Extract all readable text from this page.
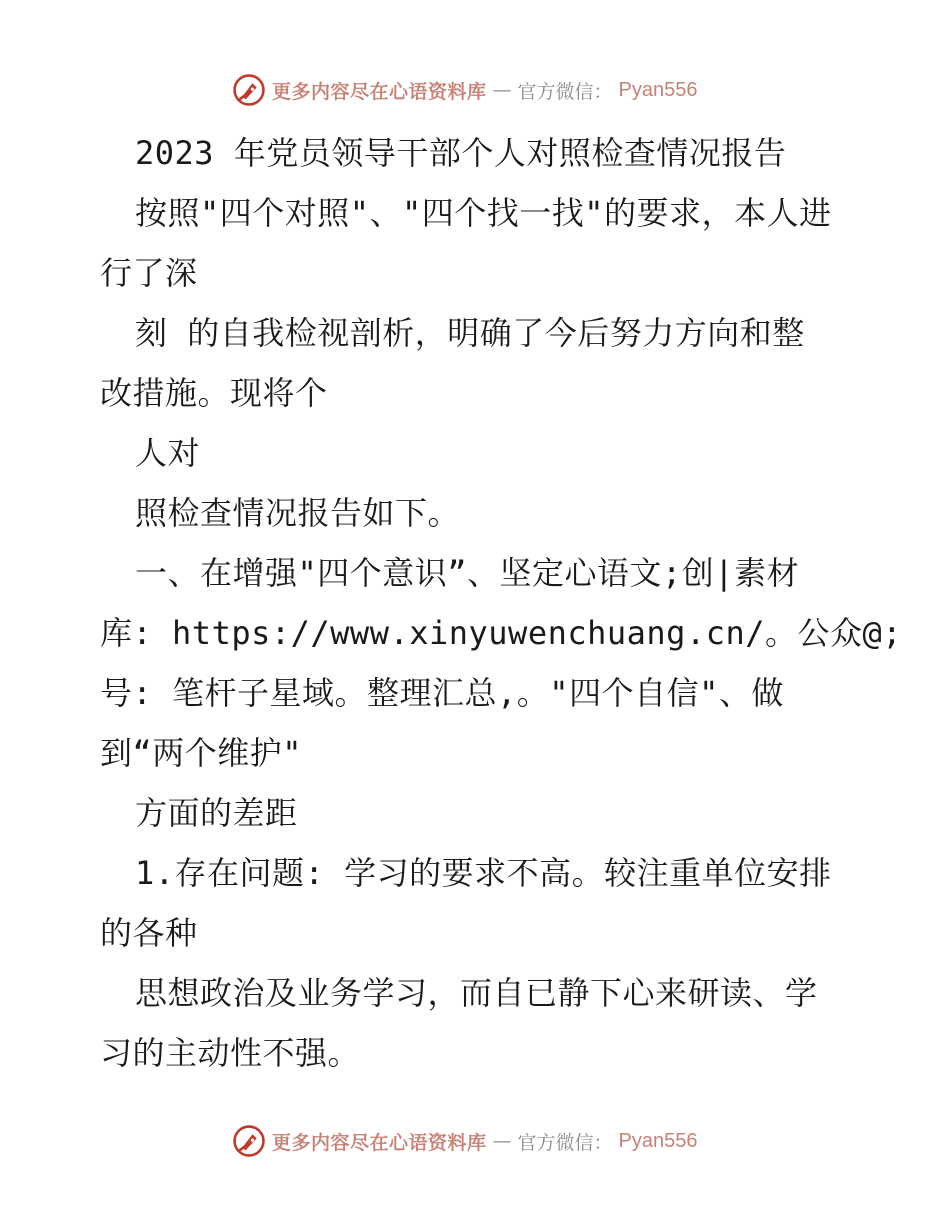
更多内容尽在心语资料库 — 官方微信： Pyan556
2023 年党员领导干部个人对照检查情况报告
按照"四个对照"、"四个找一找"的要求，本人进
行了深
刻 的自我检视剖析，明确了今后努力方向和整
改措施。现将个
人对
照检查情况报告如下。
一、在增强"四个意识”、坚定心语文;创|素材
库: https://www.xinyuwenchuang.cn/。公众@;
号: 笔杆子星域。整理汇总,。"四个自信"、做
到“两个维护"
方面的差距
1.存在问题: 学习的要求不高。较注重单位安排
的各种
思想政治及业务学习，而自已静下心来研读、学
习的主动性不强。
更多内容尽在心语资料库 — 官方微信： Pyan556
